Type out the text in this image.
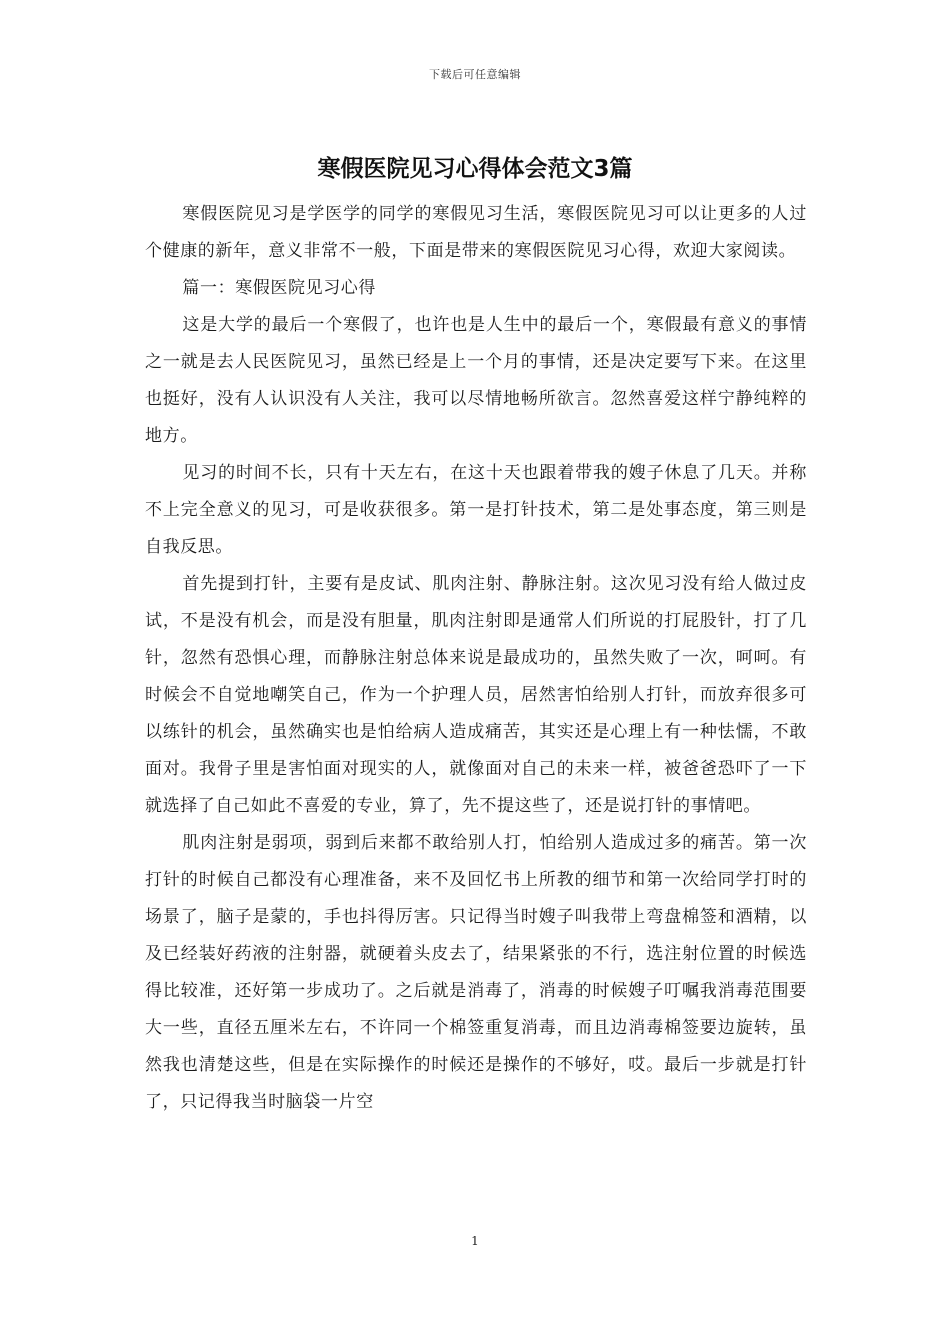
下载后可任意编辑
寒假医院见习心得体会范文3篇

寒假医院见习是学医学的同学的寒假见习生活，寒假医院见习可以让更多的人过个健康的新年，意义非常不一般，下面是带来的寒假医院见习心得，欢迎大家阅读。

篇一：寒假医院见习心得

这是大学的最后一个寒假了，也许也是人生中的最后一个，寒假最有意义的事情之一就是去人民医院见习，虽然已经是上一个月的事情，还是决定要写下来。在这里也挺好，没有人认识没有人关注，我可以尽情地畅所欲言。忽然喜爱这样宁静纯粹的地方。

见习的时间不长，只有十天左右，在这十天也跟着带我的嫂子休息了几天。并称不上完全意义的见习，可是收获很多。第一是打针技术，第二是处事态度，第三则是自我反思。

首先提到打针，主要有是皮试、肌肉注射、静脉注射。这次见习没有给人做过皮试，不是没有机会，而是没有胆量，肌肉注射即是通常人们所说的打屁股针，打了几针，忽然有恐惧心理，而静脉注射总体来说是最成功的，虽然失败了一次，呵呵。有时候会不自觉地嘲笑自己，作为一个护理人员，居然害怕给别人打针，而放弃很多可以练针的机会，虽然确实也是怕给病人造成痛苦，其实还是心理上有一种怯懦，不敢面对。我骨子里是害怕面对现实的人，就像面对自己的未来一样，被爸爸恐吓了一下就选择了自己如此不喜爱的专业，算了，先不提这些了，还是说打针的事情吧。

肌肉注射是弱项，弱到后来都不敢给别人打，怕给别人造成过多的痛苦。第一次打针的时候自己都没有心理准备，来不及回忆书上所教的细节和第一次给同学打时的场景了，脑子是蒙的，手也抖得厉害。只记得当时嫂子叫我带上弯盘棉签和酒精，以及已经装好药液的注射器，就硬着头皮去了，结果紧张的不行，选注射位置的时候选得比较准，还好第一步成功了。之后就是消毒了，消毒的时候嫂子叮嘱我消毒范围要大一些，直径五厘米左右，不许同一个棉签重复消毒，而且边消毒棉签要边旋转，虽然我也清楚这些，但是在实际操作的时候还是操作的不够好，哎。最后一步就是打针了，只记得我当时脑袋一片空

1
